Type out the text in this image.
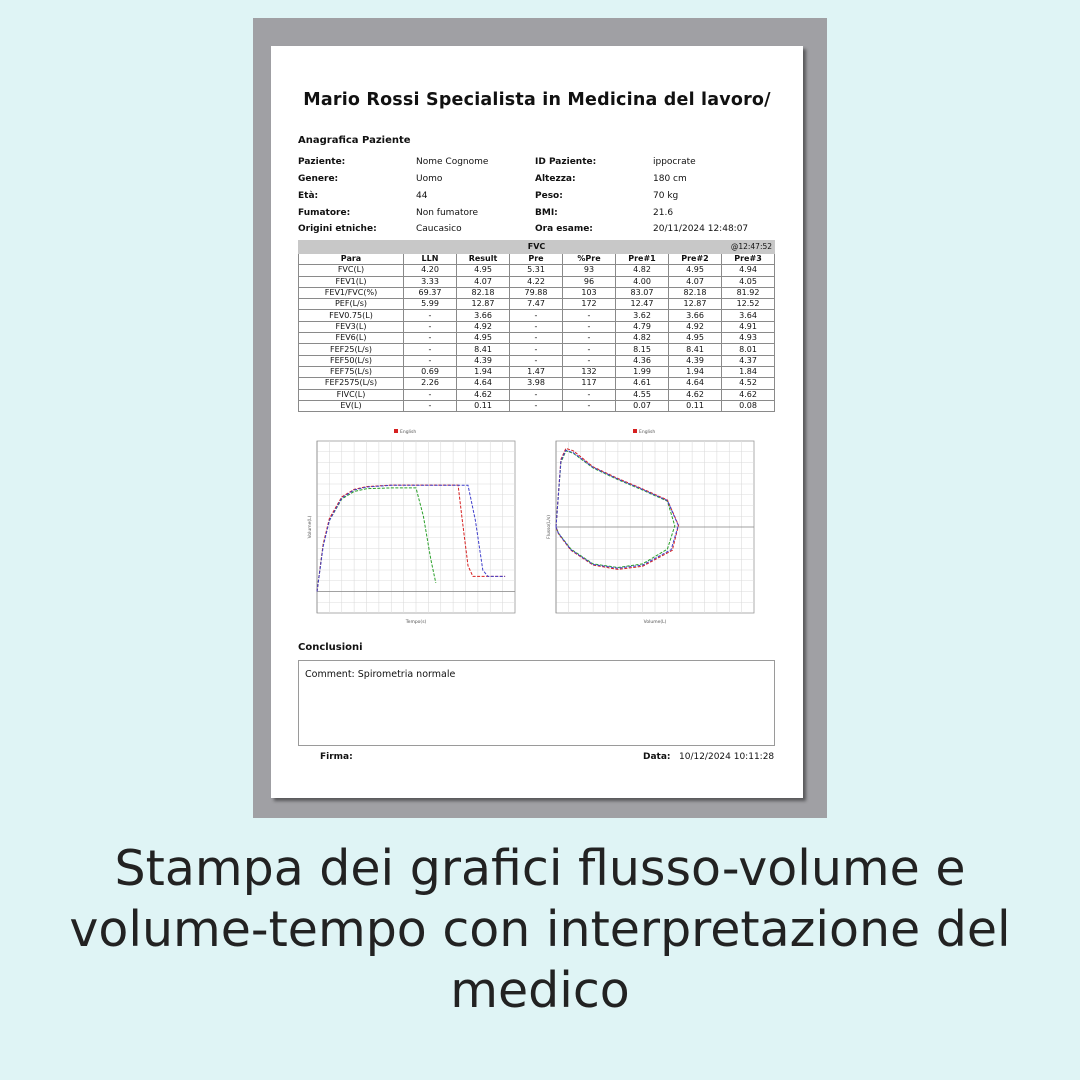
Mario Rossi Specialista in Medicina del lavoro/
Anagrafica Paziente
Paziente:	Nome Cognome	ID Paziente:	ippocrate
Genere:	Uomo	Altezza:	180 cm
Età:	44	Peso:	70 kg
Fumatore:	Non fumatore	BMI:	21.6
Origini etniche:	Caucasico	Ora esame:	20/11/2024 12:48:07
FVC @12:47:52							

Para	LLN	Result	Pre	%Pre	Pre#1	Pre#2	Pre#3
FVC(L)	4.20	4.95	5.31	93	4.82	4.95	4.94
FEV1(L)	3.33	4.07	4.22	96	4.00	4.07	4.05
FEV1/FVC(%)	69.37	82.18	79.88	103	83.07	82.18	81.92
PEF(L/s)	5.99	12.87	7.47	172	12.47	12.87	12.52
FEV0.75(L)	-	3.66	-	-	3.62	3.66	3.64
FEV3(L)	-	4.92	-	-	4.79	4.92	4.91
FEV6(L)	-	4.95	-	-	4.82	4.95	4.93
FEF25(L/s)	-	8.41	-	-	8.15	8.41	8.01
FEF50(L/s)	-	4.39	-	-	4.36	4.39	4.37
FEF75(L/s)	0.69	1.94	1.47	132	1.99	1.94	1.84
FEF2575(L/s)	2.26	4.64	3.98	117	4.61	4.64	4.52
FIVC(L)	-	4.62	-	-	4.55	4.62	4.62
EV(L)	-	0.11	-	-	0.07	0.11	0.08
English
Tempo(s)
Volume(L)
English
Volume(L)
Flusso(L/s)
Conclusioni
Comment: Spirometria normale
Firma:	Data: 10/12/2024 10:11:28
Stampa dei grafici flusso-volume e volume-tempo con interpretazione del medico
